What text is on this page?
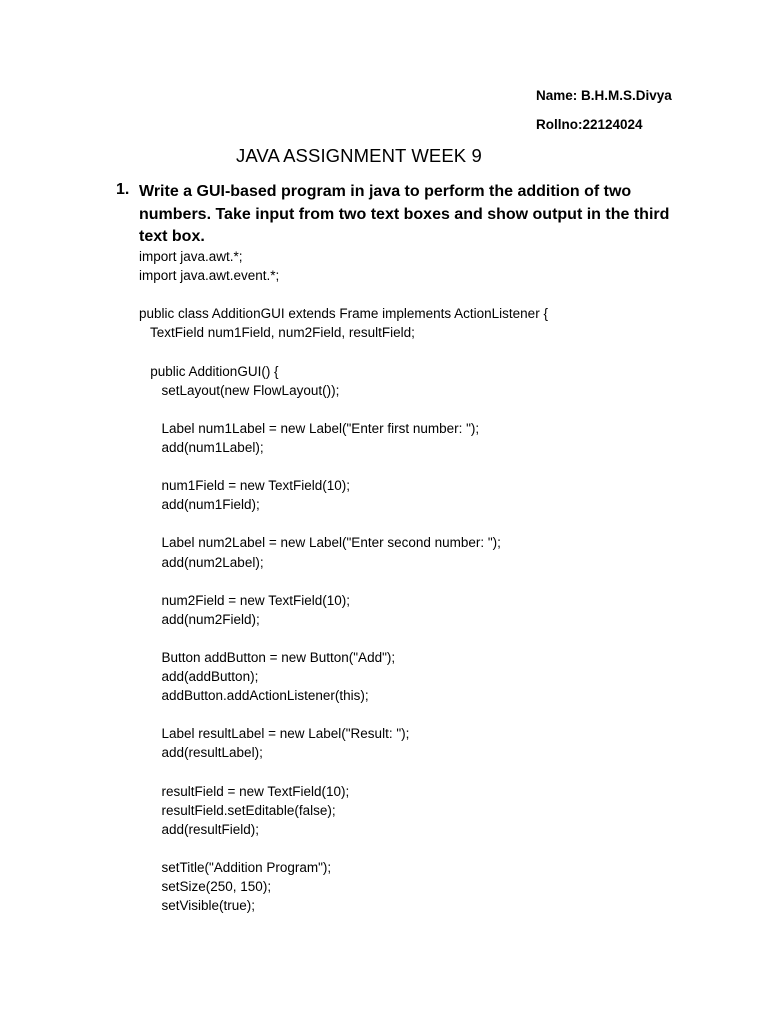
Name: B.H.M.S.Divya
Rollno:22124024
JAVA ASSIGNMENT WEEK 9
1. Write a GUI-based program in java to perform the addition of two
numbers. Take input from two text boxes and show output in the third
text box.
import java.awt.*;
import java.awt.event.*;
public class AdditionGUI extends Frame implements ActionListener {
TextField num1Field, num2Field, resultField;
public AdditionGUI() {
setLayout(new FlowLayout());
Label num1Label = new Label("Enter first number: ");
add(num1Label);
num1Field = new TextField(10);
add(num1Field);
Label num2Label = new Label("Enter second number: ");
add(num2Label);
num2Field = new TextField(10);
add(num2Field);
Button addButton = new Button("Add");
add(addButton);
addButton.addActionListener(this);
Label resultLabel = new Label("Result: ");
add(resultLabel);
resultField = new TextField(10);
resultField.setEditable(false);
add(resultField);
setTitle("Addition Program");
setSize(250, 150);
setVisible(true);
